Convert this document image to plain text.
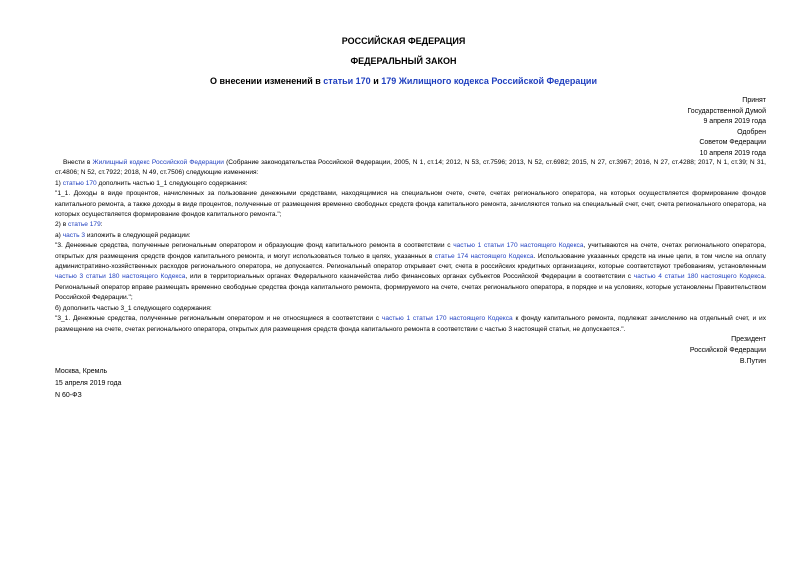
РОССИЙСКАЯ ФЕДЕРАЦИЯ
ФЕДЕРАЛЬНЫЙ ЗАКОН
О внесении изменений в статьи 170 и 179 Жилищного кодекса Российской Федерации
Принят
Государственной Думой
9 апреля 2019 года
Одобрен
Советом Федерации
10 апреля 2019 года

Внести в Жилищный кодекс Российской Федерации (Собрание законодательства Российской Федерации, 2005, N 1, ст.14; 2012, N 53, ст.7596; 2013, N 52, ст.6982; 2015, N 27, ст.3967; 2016, N 27, ст.4288; 2017, N 1, ст.39; N 31, ст.4806; N 52, ст.7922; 2018, N 49, ст.7506) следующие изменения:

1) статью 170 дополнить частью 1_1 следующего содержания:

"1_1. Доходы в виде процентов, начисленных за пользование денежными средствами, находящимися на специальном счете, счете, счетах регионального оператора, на которых осуществляется формирование фондов капитального ремонта, а также доходы в виде процентов, полученные от размещения временно свободных средств фонда капитального ремонта, зачисляются только на специальный счет, счет, счета регионального оператора, на которых осуществляется формирование фондов капитального ремонта.";

2) в статье 179:

а) часть 3 изложить в следующей редакции:

"3. Денежные средства, полученные региональным оператором и образующие фонд капитального ремонта в соответствии с частью 1 статьи 170 настоящего Кодекса, учитываются на счете, счетах регионального оператора, открытых для размещения средств фондов капитального ремонта, и могут использоваться только в целях, указанных в статье 174 настоящего Кодекса. Использование указанных средств на иные цели, в том числе на оплату административно-хозяйственных расходов регионального оператора, не допускается. Региональный оператор открывает счет, счета в российских кредитных организациях, которые соответствуют требованиям, установленным частью 3 статьи 180 настоящего Кодекса, или в территориальных органах Федерального казначейства либо финансовых органах субъектов Российской Федерации в соответствии с частью 4 статьи 180 настоящего Кодекса. Региональный оператор вправе размещать временно свободные средства фонда капитального ремонта, формируемого на счете, счетах регионального оператора, в порядке и на условиях, которые установлены Правительством Российской Федерации.";

б) дополнить частью 3_1 следующего содержания:

"3_1. Денежные средства, полученные региональным оператором и не относящиеся в соответствии с частью 1 статьи 170 настоящего Кодекса к фонду капитального ремонта, подлежат зачислению на отдельный счет, и их размещение на счете, счетах регионального оператора, открытых для размещения средств фонда капитального ремонта в соответствии с частью 3 настоящей статьи, не допускается.".

Президент
Российской Федерации
В.Путин
Москва, Кремль
15 апреля 2019 года
N 60-ФЗ
